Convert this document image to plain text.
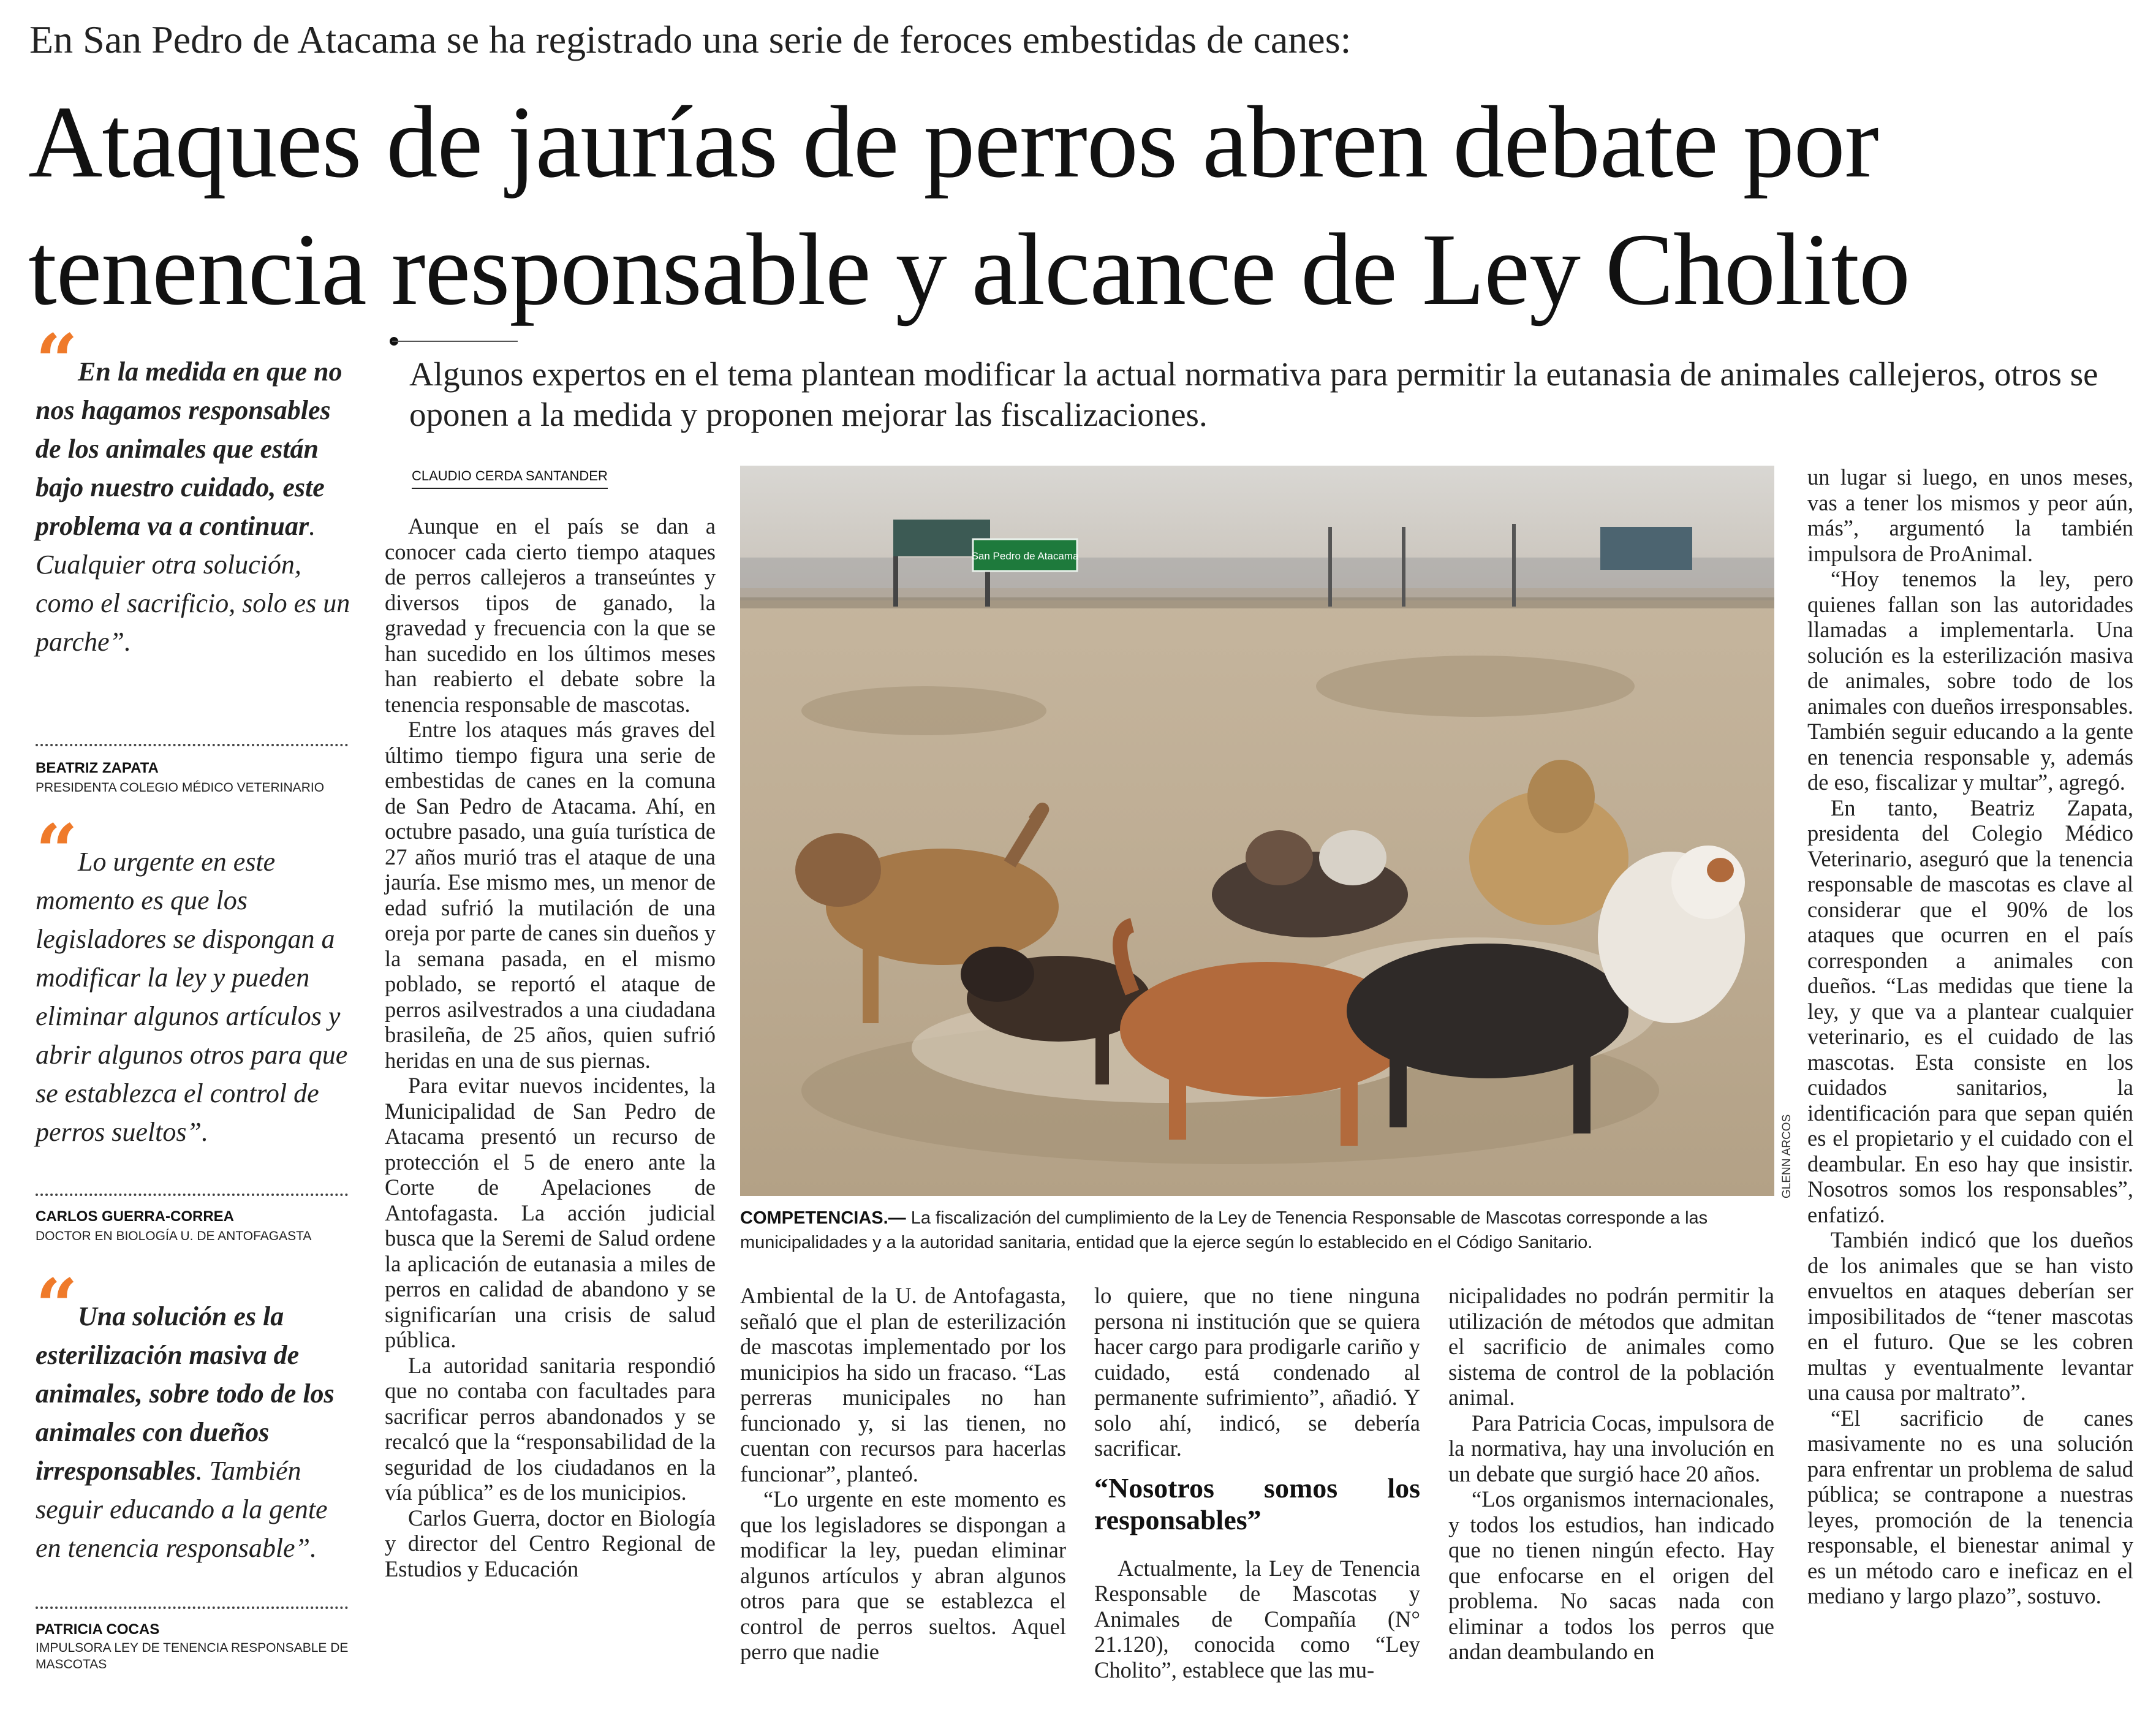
En San Pedro de Atacama se ha registrado una serie de feroces embestidas de canes:
Ataques de jaurías de perros abren debate por
tenencia responsable y alcance de Ley Cholito
Algunos expertos en el tema plantean modificar la actual normativa para permitir la eutanasia de animales callejeros, otros se oponen a la medida y proponen mejorar las fiscalizaciones.
“ En la medida en que no nos hagamos responsables de los animales que están bajo nuestro cuidado, este problema va a continuar. Cualquier otra solución, como el sacrificio, solo es un parche”.
BEATRIZ ZAPATA
PRESIDENTA COLEGIO MÉDICO VETERINARIO
“ Lo urgente en este momento es que los legisladores se dispongan a modificar la ley y pueden eliminar algunos artículos y abrir algunos otros para que se establezca el control de perros sueltos”.
CARLOS GUERRA-CORREA
DOCTOR EN BIOLOGÍA U. DE ANTOFAGASTA
“ Una solución es la esterilización masiva de animales, sobre todo de los animales con dueños irresponsables. También seguir educando a la gente en tenencia responsable”.
PATRICIA COCAS
IMPULSORA LEY DE TENENCIA RESPONSABLE DE MASCOTAS
CLAUDIO CERDA SANTANDER

Aunque en el país se dan a conocer cada cierto tiempo ataques de perros callejeros a transeúntes y diversos tipos de ganado, la gravedad y frecuencia con la que se han sucedido en los últimos meses han reabierto el debate sobre la tenencia responsable de mascotas.

Entre los ataques más graves del último tiempo figura una serie de embestidas de canes en la comuna de San Pedro de Atacama. Ahí, en octubre pasado, una guía turística de 27 años murió tras el ataque de una jauría. Ese mismo mes, un menor de edad sufrió la mutilación de una oreja por parte de canes sin dueños y la semana pasada, en el mismo poblado, se reportó el ataque de perros asilvestrados a una ciudadana brasileña, de 25 años, quien sufrió heridas en una de sus piernas.

Para evitar nuevos incidentes, la Municipalidad de San Pedro de Atacama presentó un recurso de protección el 5 de enero ante la Corte de Apelaciones de Antofagasta. La acción judicial busca que la Seremi de Salud ordene la aplicación de eutanasia a miles de perros en calidad de abandono y se significarían una crisis de salud pública.

La autoridad sanitaria respondió que no contaba con facultades para sacrificar perros abandonados y se recalcó que la “responsabilidad de la seguridad de los ciudadanos en la vía pública” es de los municipios.

Carlos Guerra, doctor en Biología y director del Centro Regional de Estudios y Educación

San Pedro de Atacama
GLENN ARCOS
COMPETENCIAS.— La fiscalización del cumplimiento de la Ley de Tenencia Responsable de Mascotas corresponde a las municipalidades y a la autoridad sanitaria, entidad que la ejerce según lo establecido en el Código Sanitario.

Ambiental de la U. de Antofagasta, señaló que el plan de esterilización de mascotas implementado por los municipios ha sido un fracaso. “Las perreras municipales no han funcionado y, si las tienen, no cuentan con recursos para hacerlas funcionar”, planteó.

“Lo urgente en este momento es que los legisladores se dispongan a modificar la ley, puedan eliminar algunos artículos y abran algunos otros para que se establezca el control de perros sueltos. Aquel perro que nadie

lo quiere, que no tiene ninguna persona ni institución que se quiera hacer cargo para prodigarle cariño y cuidado, está condenado al permanente sufrimiento”, añadió. Y solo ahí, indicó, se debería sacrificar.

“Nosotros somos los responsables”

Actualmente, la Ley de Tenencia Responsable de Mascotas y Animales de Compañía (N° 21.120), conocida como “Ley Cholito”, establece que las mu-

nicipalidades no podrán permitir la utilización de métodos que admitan el sacrificio de animales como sistema de control de la población animal.

Para Patricia Cocas, impulsora de la normativa, hay una involución en un debate que surgió hace 20 años.

“Los organismos internacionales, y todos los estudios, han indicado que no tienen ningún efecto. Hay que enfocarse en el origen del problema. No sacas nada con eliminar a todos los perros que andan deambulando en

un lugar si luego, en unos meses, vas a tener los mismos y peor aún, más”, argumentó la también impulsora de ProAnimal.

“Hoy tenemos la ley, pero quienes fallan son las autoridades llamadas a implementarla. Una solución es la esterilización masiva de animales, sobre todo de los animales con dueños irresponsables. También seguir educando a la gente en tenencia responsable y, además de eso, fiscalizar y multar”, agregó.

En tanto, Beatriz Zapata, presidenta del Colegio Médico Veterinario, aseguró que la tenencia responsable de mascotas es clave al considerar que el 90% de los ataques que ocurren en el país corresponden a animales con dueños. “Las medidas que tiene la ley, y que va a plantear cualquier veterinario, es el cuidado de las mascotas. Esta consiste en los cuidados sanitarios, la identificación para que sepan quién es el propietario y el cuidado con el deambular. En eso hay que insistir. Nosotros somos los responsables”, enfatizó.

También indicó que los dueños de los animales que se han visto envueltos en ataques deberían ser imposibilitados de “tener mascotas en el futuro. Que se les cobren multas y eventualmente levantar una causa por maltrato”.

“El sacrificio de canes masivamente no es una solución para enfrentar un problema de salud pública; se contrapone a nuestras leyes, promoción de la tenencia responsable, el bienestar animal y es un método caro e ineficaz en el mediano y largo plazo”, sostuvo.
